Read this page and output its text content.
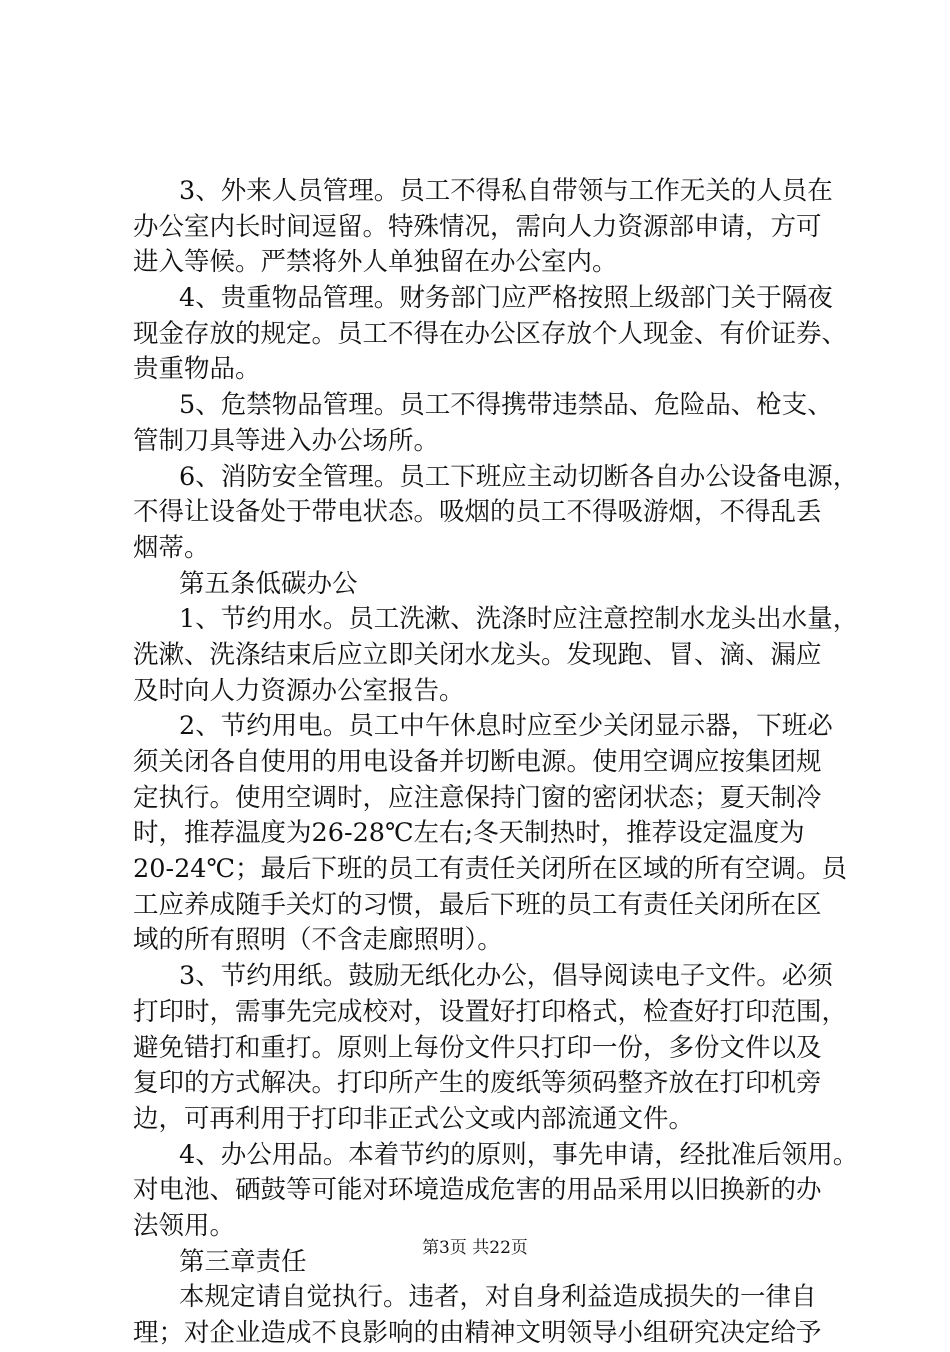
3、外来人员管理。员工不得私自带领与工作无关的人员在
办公室内长时间逗留。特殊情况，需向人力资源部申请，方可
进入等候。严禁将外人单独留在办公室内。
4、贵重物品管理。财务部门应严格按照上级部门关于隔夜
现金存放的规定。员工不得在办公区存放个人现金、有价证券、
贵重物品。
5、危禁物品管理。员工不得携带违禁品、危险品、枪支、
管制刀具等进入办公场所。
6、消防安全管理。员工下班应主动切断各自办公设备电源，
不得让设备处于带电状态。吸烟的员工不得吸游烟，不得乱丢
烟蒂。
第五条低碳办公
1、节约用水。员工洗漱、洗涤时应注意控制水龙头出水量，
洗漱、洗涤结束后应立即关闭水龙头。发现跑、冒、滴、漏应
及时向人力资源办公室报告。
2、节约用电。员工中午休息时应至少关闭显示器，下班必
须关闭各自使用的用电设备并切断电源。使用空调应按集团规
定执行。使用空调时，应注意保持门窗的密闭状态；夏天制冷
时，推荐温度为26-28℃左右;冬天制热时，推荐设定温度为
20-24℃；最后下班的员工有责任关闭所在区域的所有空调。员
工应养成随手关灯的习惯，最后下班的员工有责任关闭所在区
域的所有照明（不含走廊照明）。
3、节约用纸。鼓励无纸化办公，倡导阅读电子文件。必须
打印时，需事先完成校对，设置好打印格式，检查好打印范围，
避免错打和重打。原则上每份文件只打印一份，多份文件以及
复印的方式解决。打印所产生的废纸等须码整齐放在打印机旁
边，可再利用于打印非正式公文或内部流通文件。
4、办公用品。本着节约的原则，事先申请，经批准后领用。
对电池、硒鼓等可能对环境造成危害的用品采用以旧换新的办
法领用。
第三章责任
本规定请自觉执行。违者，对自身利益造成损失的一律自
理；对企业造成不良影响的由精神文明领导小组研究决定给予
第3页 共22页
